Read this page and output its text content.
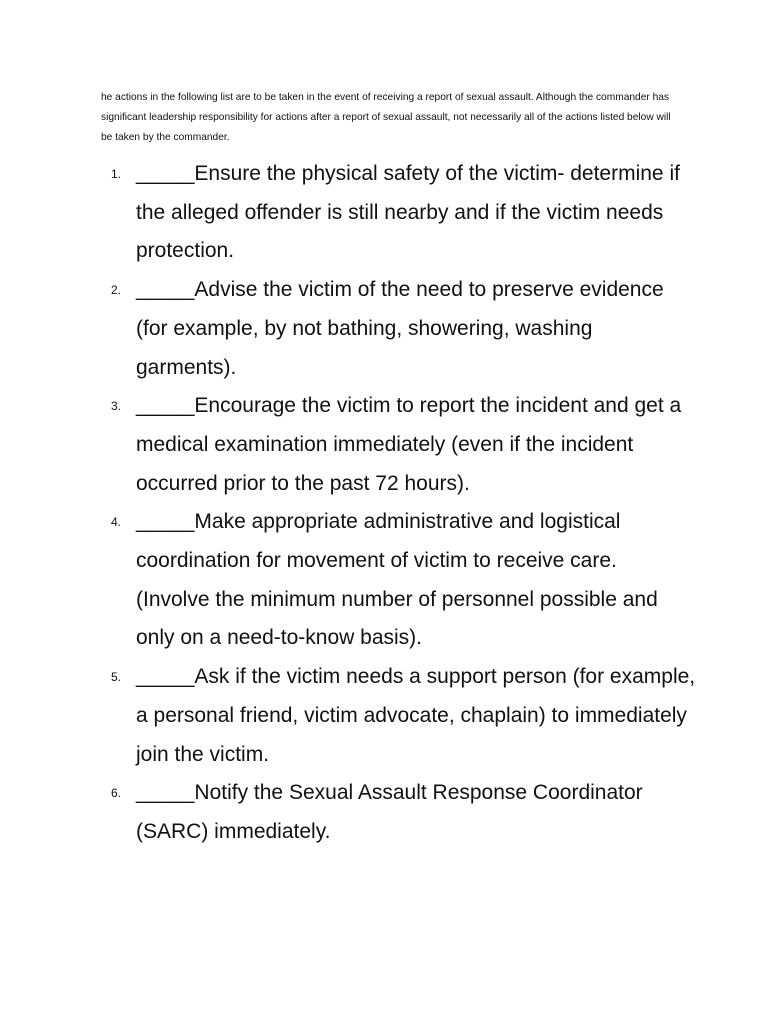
he actions in the following list are to be taken in the event of receiving a report of sexual assault. Although the commander has significant leadership responsibility for actions after a report of sexual assault, not necessarily all of the actions listed below will be taken by the commander.

1. _____Ensure the physical safety of the victim- determine if the alleged offender is still nearby and if the victim needs protection.
2. _____Advise the victim of the need to preserve evidence (for example, by not bathing, showering, washing garments).
3. _____Encourage the victim to report the incident and get a medical examination immediately (even if the incident occurred prior to the past 72 hours).
4. _____Make appropriate administrative and logistical coordination for movement of victim to receive care. (Involve the minimum number of personnel possible and only on a need-to-know basis).
5. _____Ask if the victim needs a support person (for example, a personal friend, victim advocate, chaplain) to immediately join the victim.
6. _____Notify the Sexual Assault Response Coordinator (SARC) immediately.
